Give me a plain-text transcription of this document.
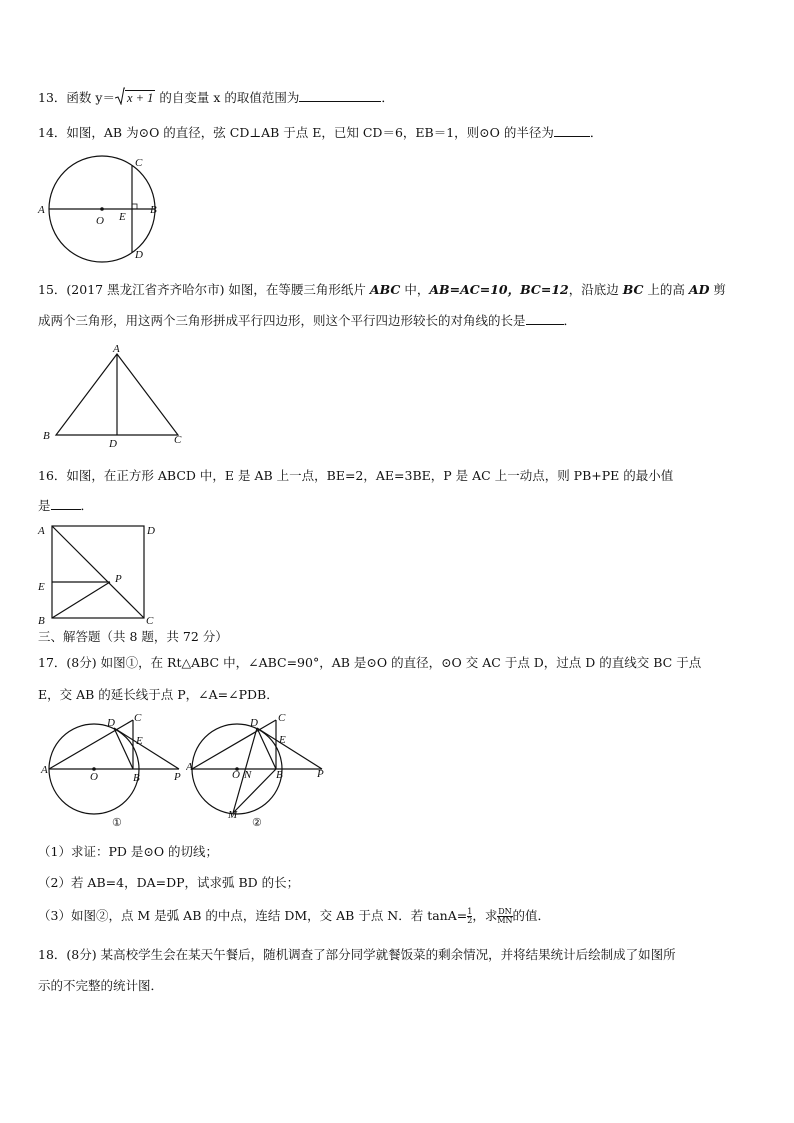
13．函数 y＝ x + 1 的自变量 x 的取值范围为	．
14．如图，AB 为⊙O 的直径，弦 CD⊥AB 于点 E，已知 CD＝6，EB＝1，则⊙O 的半径为	．
A
O E
B
C
D
15．(2017 黑龙江省齐齐哈尔市) 如图，在等腰三角形纸片 ABC 中，AB=AC=10，BC=12，沿底边 BC 上的高 AD 剪
成两个三角形，用这两个三角形拼成平行四边形，则这个平行四边形较长的对角线的长是	．
A
B
D	C
16．如图，在正方形 ABCD 中，E 是 AB 上一点，BE=2，AE=3BE，P 是 AC 上一动点，则 PB+PE 的最小值
是 ．
A	D
E
P
B	C
三、解答题（共 8 题，共 72 分）
17．(8分) 如图①，在 Rt△ABC 中，∠ABC=90°，AB 是⊙O 的直径，⊙O 交 AC 于点 D，过点 D 的直线交 BC 于点
E，交 AB 的延长线于点 P，∠A=∠PDB．
A
O	B	P
C
D
E
①
A
O N B	P
C
D
E
M
②
（1）求证：PD 是⊙O 的切线；
（2）若 AB=4，DA=DP，试求弧 BD 的长；
（3）如图②，点 M 是弧 AB 的中点，连结 DM，交 AB 于点 N．若 $\tan A= \frac{1}{2}$ ，求 $\frac{DN}{MN}$ 的值．
18．(8分) 某高校学生会在某天午餐后，随机调查了部分同学就餐饭菜的剩余情况，并将结果统计后绘制成了如图所
示的不完整的统计图．
